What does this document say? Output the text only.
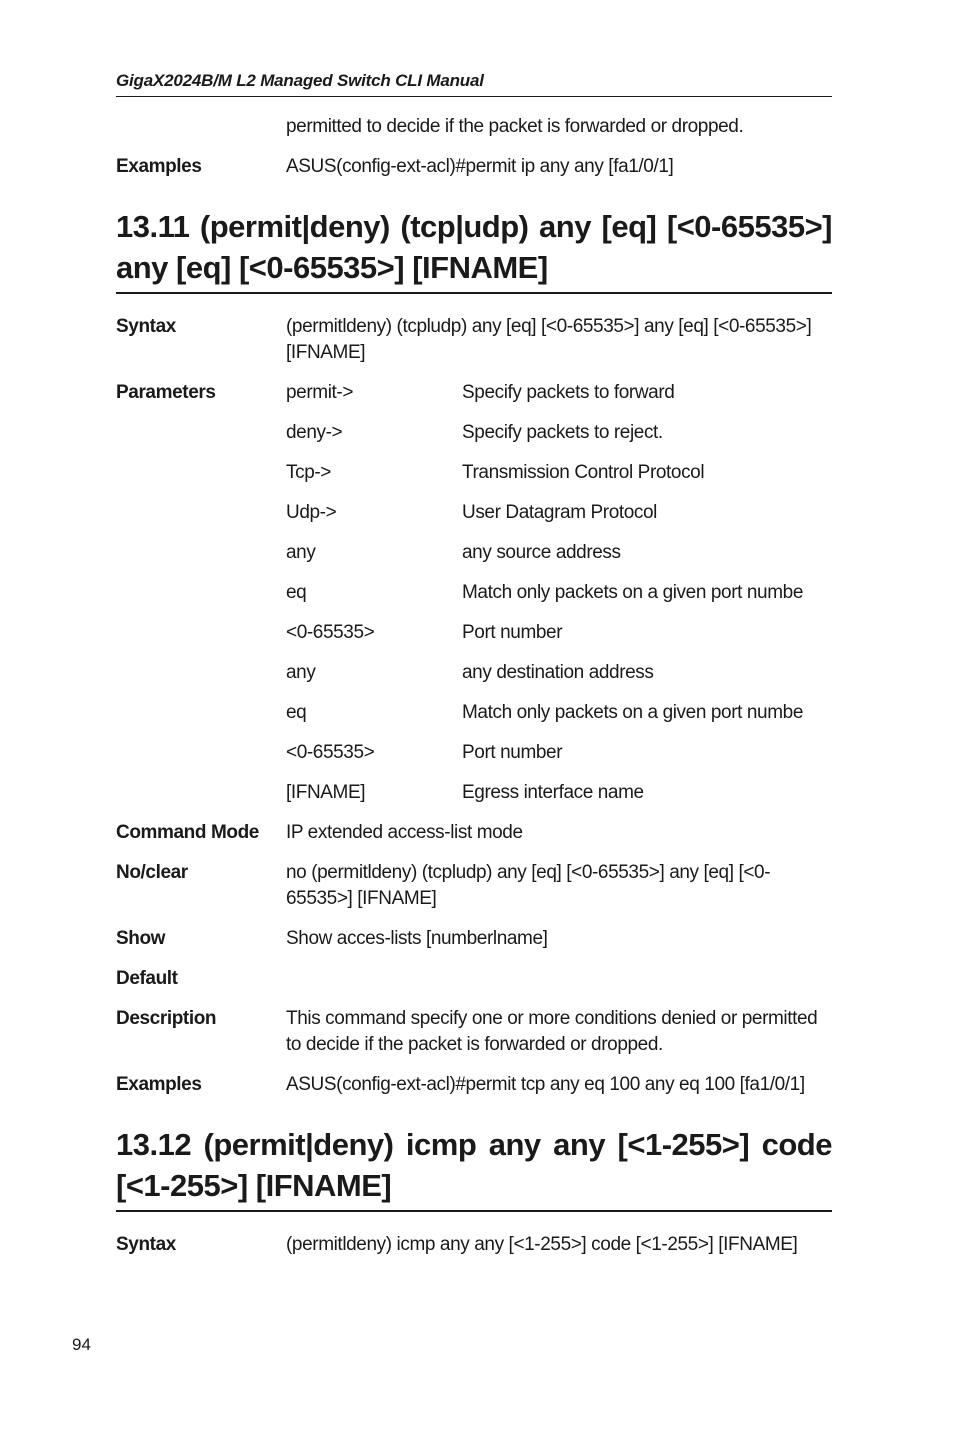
GigaX2024B/M L2 Managed Switch CLI Manual
permitted to decide if the packet is forwarded or dropped.
Examples	ASUS(config-ext-acl)#permit ip any any [fa1/0/1]
13.11 (permit|deny) (tcp|udp) any [eq] [<0-65535>] any [eq] [<0-65535>] [IFNAME]
Syntax	(permitldeny) (tcpludp) any [eq] [<0-65535>] any [eq] [<0-65535>] [IFNAME]
Parameters	permit->	Specify packets to forward
deny->	Specify packets to reject.
Tcp->	Transmission Control Protocol
Udp->	User Datagram Protocol
any	any source address
eq	Match only packets on a given port numbe
<0-65535>	Port number
any	any destination address
eq	Match only packets on a given port numbe
<0-65535>	Port number
[IFNAME]	Egress interface name
Command Mode	IP extended access-list mode
No/clear	no (permitldeny) (tcpludp) any [eq] [<0-65535>] any [eq] [<0-65535>] [IFNAME]
Show	Show acces-lists [numberlname]
Default
Description	This command specify one or more conditions denied or permitted to decide if the packet is forwarded or dropped.
Examples	ASUS(config-ext-acl)#permit tcp any eq 100 any eq 100 [fa1/0/1]
13.12 (permit|deny) icmp any any [<1-255>] code [<1-255>] [IFNAME]
Syntax	(permitldeny) icmp any any [<1-255>] code [<1-255>] [IFNAME]
94
